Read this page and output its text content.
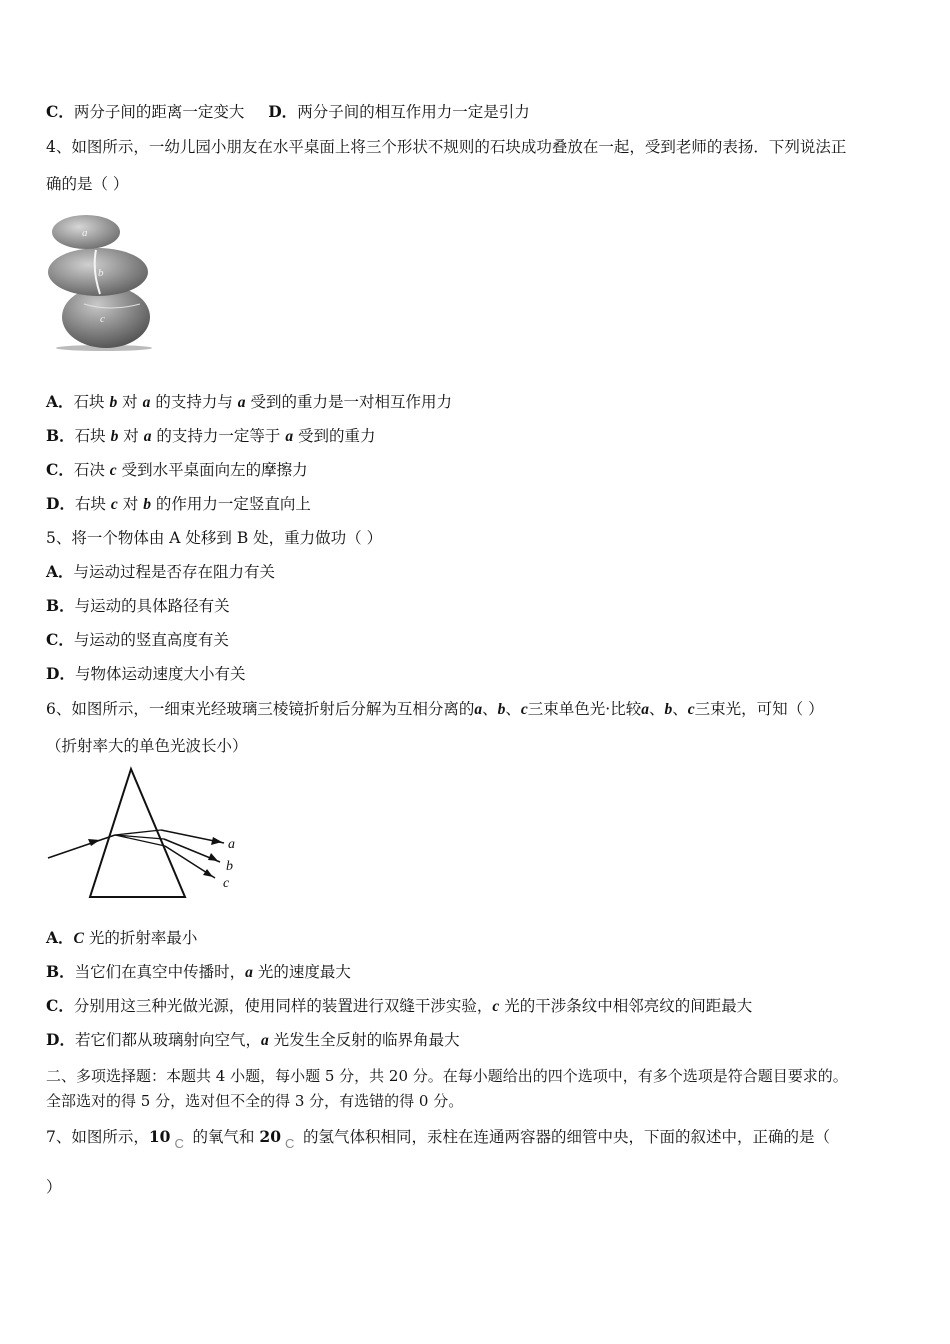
C．两分子间的距离一定变大 D．两分子间的相互作用力一定是引力
4、如图所示，一幼儿园小朋友在水平桌面上将三个形状不规则的石块成功叠放在一起，受到老师的表扬．下列说法正
确的是（ ）
a
b
c
A．石块 b 对 a 的支持力与 a 受到的重力是一对相互作用力
B．石块 b 对 a 的支持力一定等于 a 受到的重力
C．石决 c 受到水平桌面向左的摩擦力
D．右块 c 对 b 的作用力一定竖直向上
5、将一个物体由 A 处移到 B 处，重力做功（ ）
A．与运动过程是否存在阻力有关
B．与运动的具体路径有关
C．与运动的竖直高度有关
D．与物体运动速度大小有关
6、如图所示，一细束光经玻璃三棱镜折射后分解为互相分离的a、b、c三束单色光·比较a、b、c三束光，可知（ ）
（折射率大的单色光波长小）
a
b
c
A．C 光的折射率最小
B．当它们在真空中传播时，a 光的速度最大
C．分别用这三种光做光源，使用同样的装置进行双缝干涉实验，c 光的干涉条纹中相邻亮纹的间距最大
D．若它们都从玻璃射向空气，a 光发生全反射的临界角最大
二、多项选择题：本题共 4 小题，每小题 5 分，共 20 分。在每小题给出的四个选项中，有多个选项是符合题目要求的。
全部选对的得 5 分，选对但不全的得 3 分，有选错的得 0 分。
7、如图所示，10 C 的氧气和 20 C 的氢气体积相同，汞柱在连通两容器的细管中央，下面的叙述中，正确的是（
）
